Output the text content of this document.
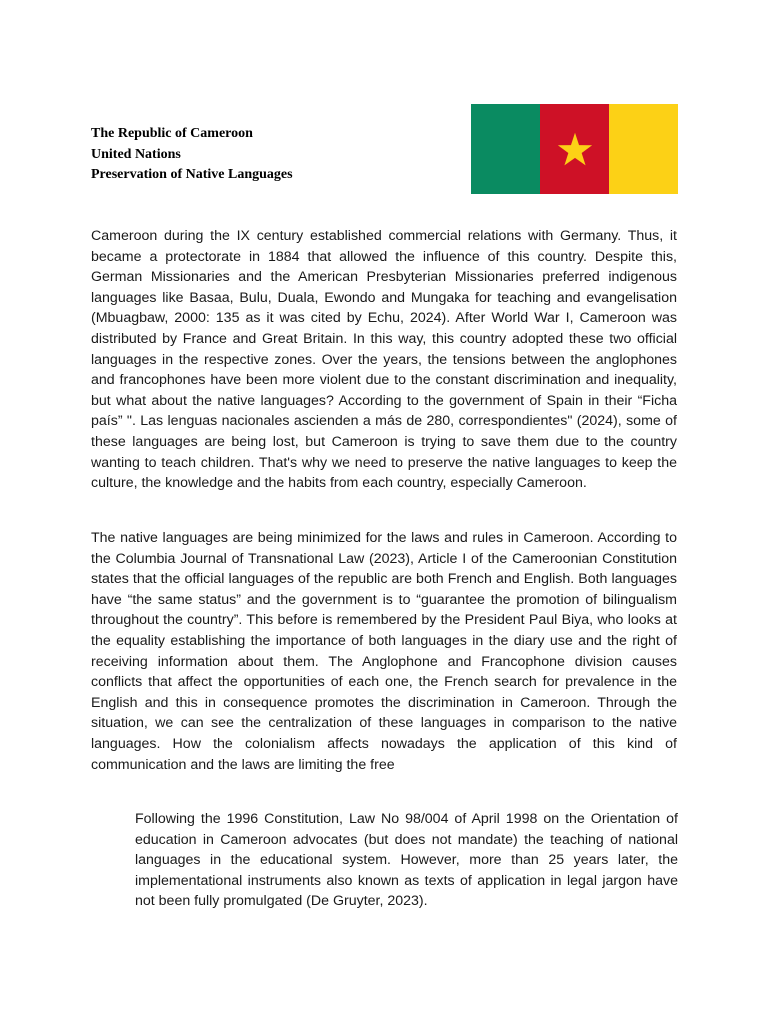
The Republic of Cameroon
United Nations
Preservation of Native Languages

Cameroon during the IX century established commercial relations with Germany. Thus, it became a protectorate in 1884 that allowed the influence of this country. Despite this, German Missionaries and the American Presbyterian Missionaries preferred indigenous languages like Basaa, Bulu, Duala, Ewondo and Mungaka for teaching and evangelisation (Mbuagbaw, 2000: 135 as it was cited by Echu, 2024). After World War I, Cameroon was distributed by France and Great Britain. In this way, this country adopted these two official languages in the respective zones. Over the years, the tensions between the anglophones and francophones have been more violent due to the constant discrimination and inequality, but what about the native languages? According to the government of Spain in their “Ficha país” ". Las lenguas nacionales ascienden a más de 280, correspondientes" (2024), some of these languages are being lost, but Cameroon is trying to save them due to the country wanting to teach children. That's why we need to preserve the native languages to keep the culture, the knowledge and the habits from each country, especially Cameroon.

The native languages are being minimized for the laws and rules in Cameroon. According to the Columbia Journal of Transnational Law (2023), Article I of the Cameroonian Constitution states that the official languages of the republic are both French and English. Both languages have “the same status” and the government is to “guarantee the promotion of bilingualism throughout the country”. This before is remembered by the President Paul Biya, who looks at the equality establishing the importance of both languages in the diary use and the right of receiving information about them. The Anglophone and Francophone division causes conflicts that affect the opportunities of each one, the French search for prevalence in the English and this in consequence promotes the discrimination in Cameroon. Through the situation, we can see the centralization of these languages in comparison to the native languages. How the colonialism affects nowadays the application of this kind of communication and the laws are limiting the free

Following the 1996 Constitution, Law No 98/004 of April 1998 on the Orientation of education in Cameroon advocates (but does not mandate) the teaching of national languages in the educational system. However, more than 25 years later, the implementational instruments also known as texts of application in legal jargon have not been fully promulgated (De Gruyter, 2023).
